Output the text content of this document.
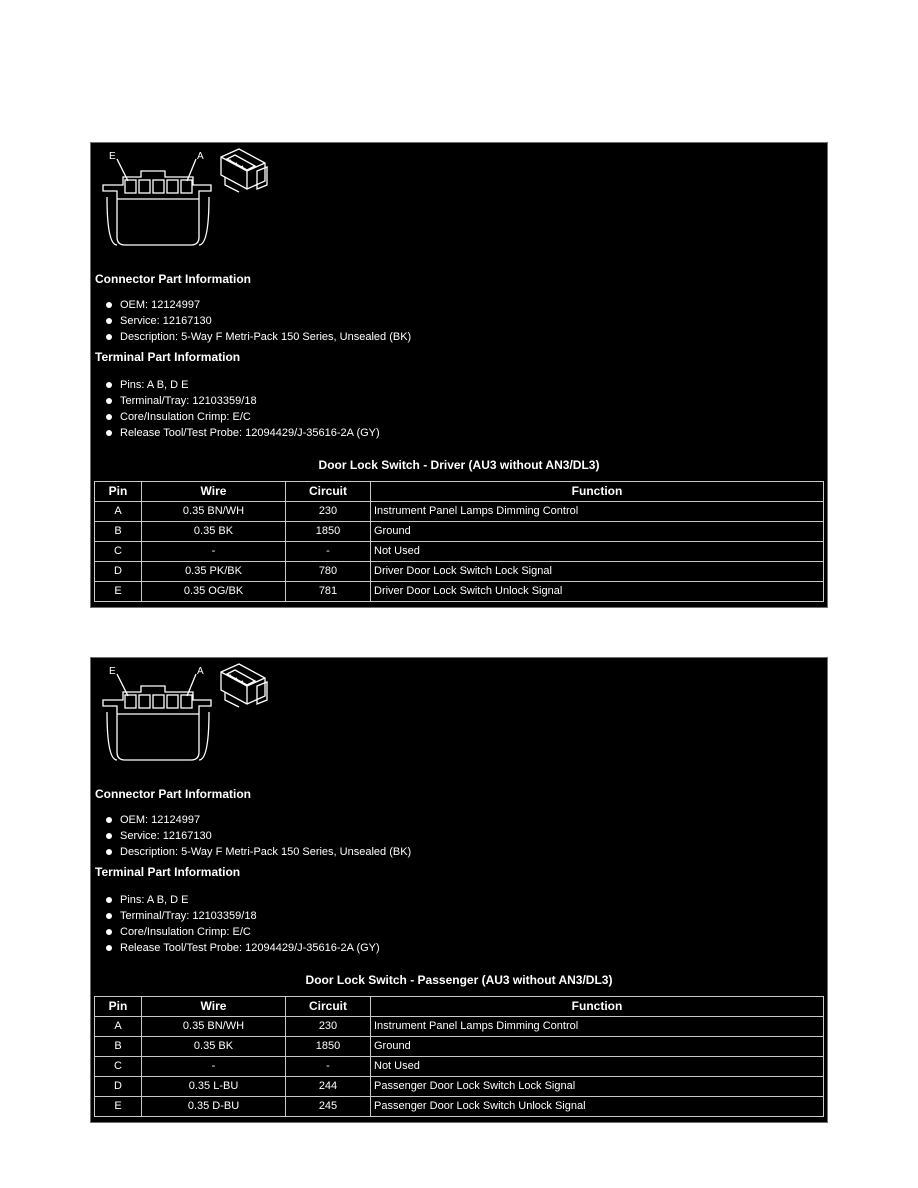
E	A
Connector Part Information
OEM: 12124997
Service: 12167130
Description: 5-Way F Metri-Pack 150 Series, Unsealed (BK)
Terminal Part Information
Pins: A B, D E
Terminal/Tray: 12103359/18
Core/Insulation Crimp: E/C
Release Tool/Test Probe: 12094429/J-35616-2A (GY)
Door Lock Switch - Driver (AU3 without AN3/DL3)
Pin	Wire	Circuit	Function
A	0.35 BN/WH	230	Instrument Panel Lamps Dimming Control
B	0.35 BK	1850	Ground
C	-	-	Not Used
D	0.35 PK/BK	780	Driver Door Lock Switch Lock Signal
E	0.35 OG/BK	781	Driver Door Lock Switch Unlock Signal
E	A
Connector Part Information
OEM: 12124997
Service: 12167130
Description: 5-Way F Metri-Pack 150 Series, Unsealed (BK)
Terminal Part Information
Pins: A B, D E
Terminal/Tray: 12103359/18
Core/Insulation Crimp: E/C
Release Tool/Test Probe: 12094429/J-35616-2A (GY)
Door Lock Switch - Passenger (AU3 without AN3/DL3)
Pin	Wire	Circuit	Function
A	0.35 BN/WH	230	Instrument Panel Lamps Dimming Control
B	0.35 BK	1850	Ground
C	-	-	Not Used
D	0.35 L-BU	244	Passenger Door Lock Switch Lock Signal
E	0.35 D-BU	245	Passenger Door Lock Switch Unlock Signal
